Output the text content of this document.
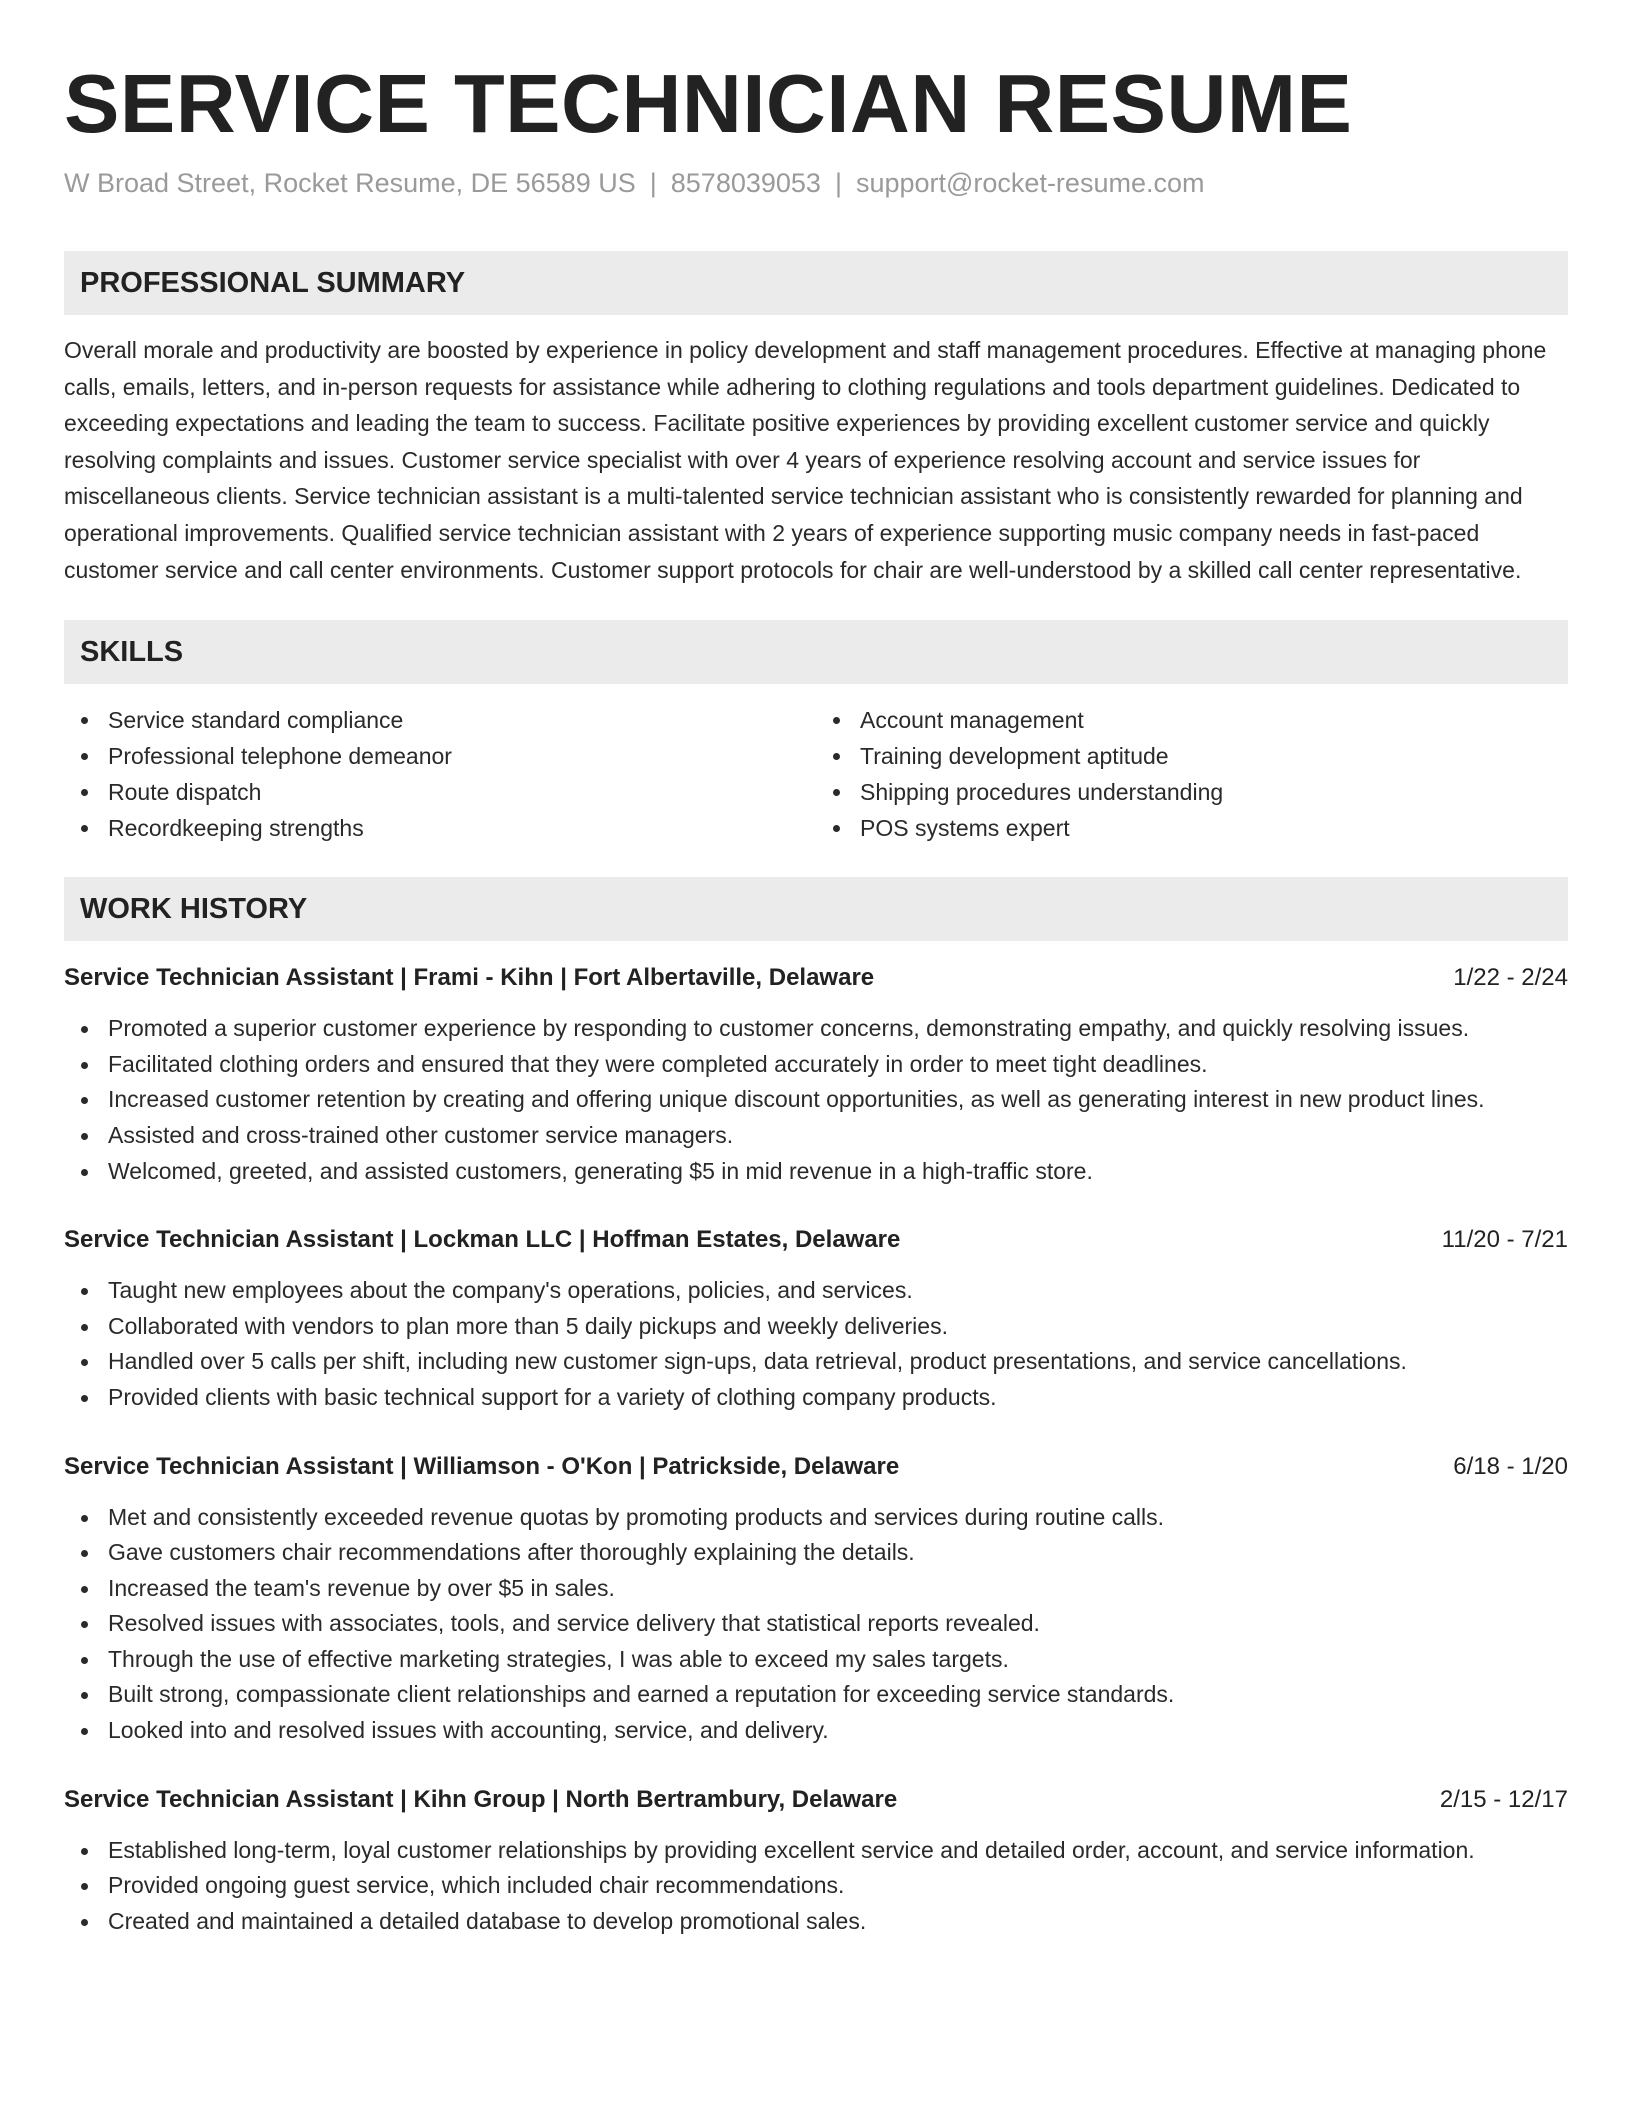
SERVICE TECHNICIAN RESUME
W Broad Street, Rocket Resume, DE 56589 US | 8578039053 | support@rocket-resume.com
PROFESSIONAL SUMMARY

Overall morale and productivity are boosted by experience in policy development and staff management procedures. Effective at managing phone calls, emails, letters, and in-person requests for assistance while adhering to clothing regulations and tools department guidelines. Dedicated to exceeding expectations and leading the team to success. Facilitate positive experiences by providing excellent customer service and quickly resolving complaints and issues. Customer service specialist with over 4 years of experience resolving account and service issues for miscellaneous clients. Service technician assistant is a multi-talented service technician assistant who is consistently rewarded for planning and operational improvements. Qualified service technician assistant with 2 years of experience supporting music company needs in fast-paced customer service and call center environments. Customer support protocols for chair are well-understood by a skilled call center representative.

SKILLS
Service standard compliance
Professional telephone demeanor
Route dispatch
Recordkeeping strengths
Account management
Training development aptitude
Shipping procedures understanding
POS systems expert
WORK HISTORY
Service Technician Assistant | Frami - Kihn | Fort Albertaville, Delaware	1/22 - 2/24
Promoted a superior customer experience by responding to customer concerns, demonstrating empathy, and quickly resolving issues.
Facilitated clothing orders and ensured that they were completed accurately in order to meet tight deadlines.
Increased customer retention by creating and offering unique discount opportunities, as well as generating interest in new product lines.
Assisted and cross-trained other customer service managers.
Welcomed, greeted, and assisted customers, generating $5 in mid revenue in a high-traffic store.
Service Technician Assistant | Lockman LLC | Hoffman Estates, Delaware	11/20 - 7/21
Taught new employees about the company's operations, policies, and services.
Collaborated with vendors to plan more than 5 daily pickups and weekly deliveries.
Handled over 5 calls per shift, including new customer sign-ups, data retrieval, product presentations, and service cancellations.
Provided clients with basic technical support for a variety of clothing company products.
Service Technician Assistant | Williamson - O'Kon | Patrickside, Delaware	6/18 - 1/20
Met and consistently exceeded revenue quotas by promoting products and services during routine calls.
Gave customers chair recommendations after thoroughly explaining the details.
Increased the team's revenue by over $5 in sales.
Resolved issues with associates, tools, and service delivery that statistical reports revealed.
Through the use of effective marketing strategies, I was able to exceed my sales targets.
Built strong, compassionate client relationships and earned a reputation for exceeding service standards.
Looked into and resolved issues with accounting, service, and delivery.
Service Technician Assistant | Kihn Group | North Bertrambury, Delaware	2/15 - 12/17
Established long-term, loyal customer relationships by providing excellent service and detailed order, account, and service information.
Provided ongoing guest service, which included chair recommendations.
Created and maintained a detailed database to develop promotional sales.
